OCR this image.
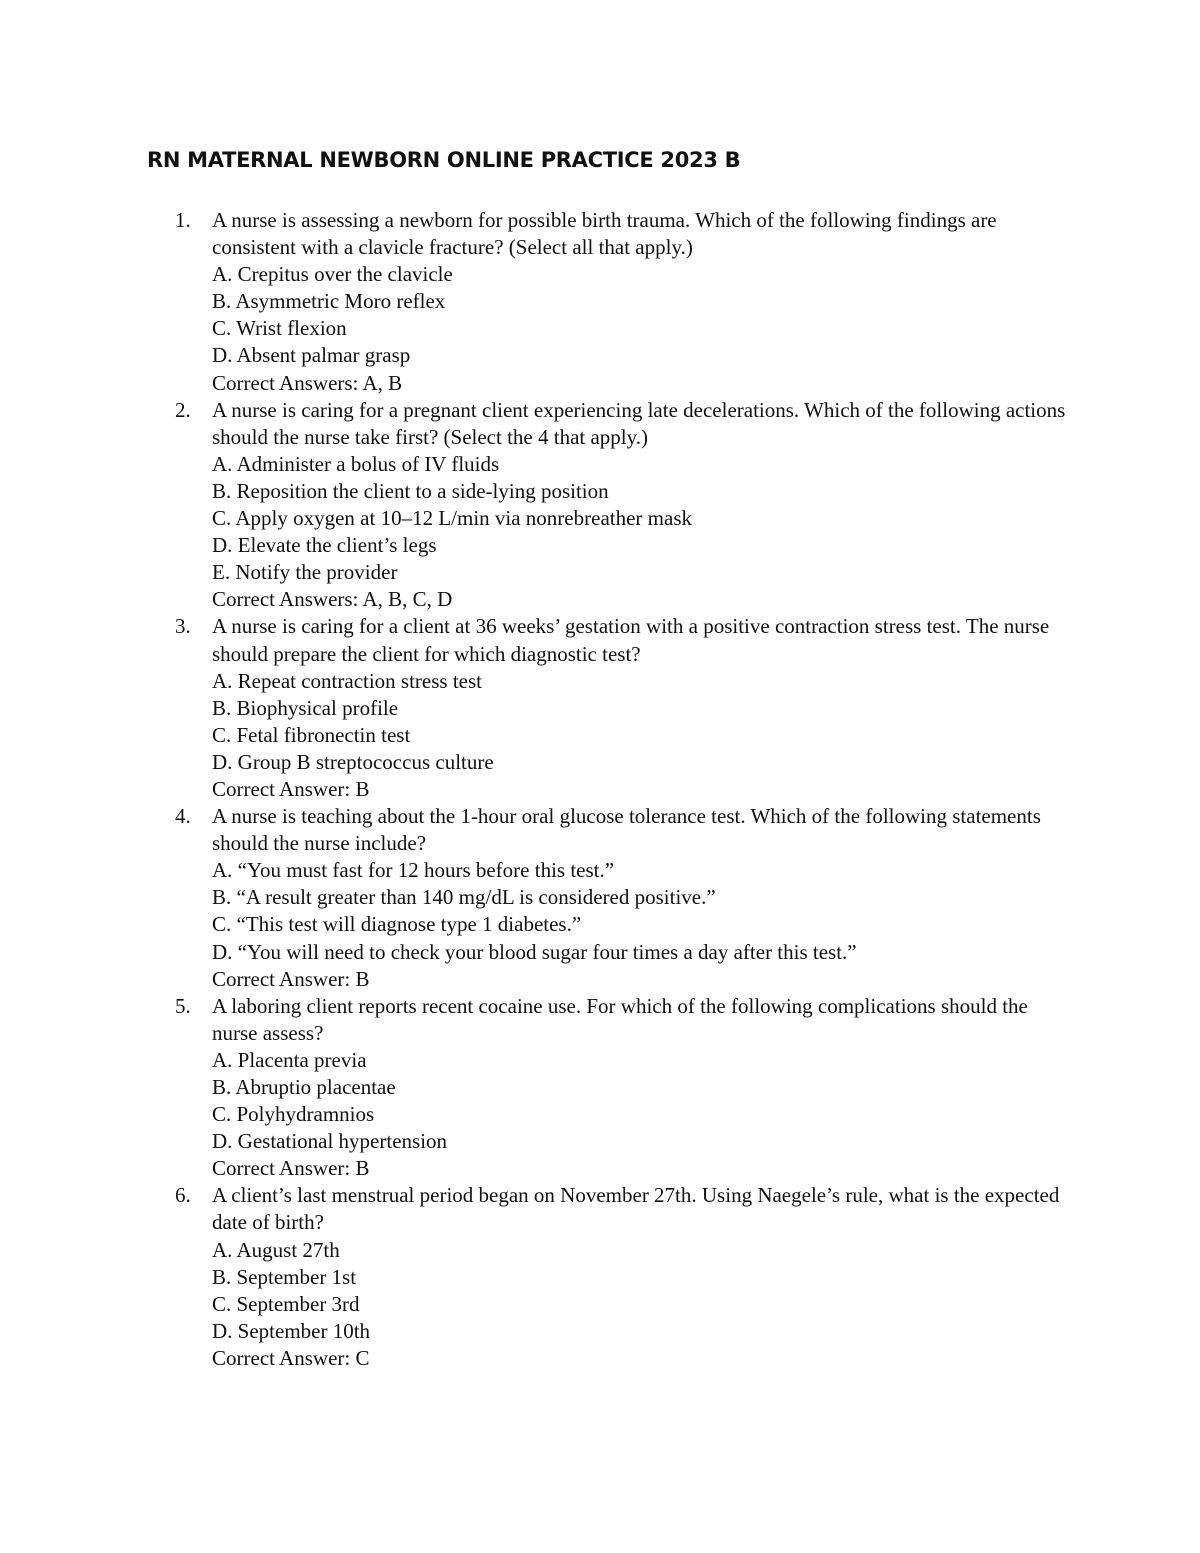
RN MATERNAL NEWBORN ONLINE PRACTICE 2023 B
1. A nurse is assessing a newborn for possible birth trauma. Which of the following findings are consistent with a clavicle fracture? (Select all that apply.)
A. Crepitus over the clavicle
B. Asymmetric Moro reflex
C. Wrist flexion
D. Absent palmar grasp
Correct Answers: A, B
2. A nurse is caring for a pregnant client experiencing late decelerations. Which of the following actions should the nurse take first? (Select the 4 that apply.)
A. Administer a bolus of IV fluids
B. Reposition the client to a side-lying position
C. Apply oxygen at 10–12 L/min via nonrebreather mask
D. Elevate the client’s legs
E. Notify the provider
Correct Answers: A, B, C, D
3. A nurse is caring for a client at 36 weeks’ gestation with a positive contraction stress test. The nurse should prepare the client for which diagnostic test?
A. Repeat contraction stress test
B. Biophysical profile
C. Fetal fibronectin test
D. Group B streptococcus culture
Correct Answer: B
4. A nurse is teaching about the 1-hour oral glucose tolerance test. Which of the following statements should the nurse include?
A. “You must fast for 12 hours before this test.”
B. “A result greater than 140 mg/dL is considered positive.”
C. “This test will diagnose type 1 diabetes.”
D. “You will need to check your blood sugar four times a day after this test.”
Correct Answer: B
5. A laboring client reports recent cocaine use. For which of the following complications should the nurse assess?
A. Placenta previa
B. Abruptio placentae
C. Polyhydramnios
D. Gestational hypertension
Correct Answer: B
6. A client’s last menstrual period began on November 27th. Using Naegele’s rule, what is the expected date of birth?
A. August 27th
B. September 1st
C. September 3rd
D. September 10th
Correct Answer: C
